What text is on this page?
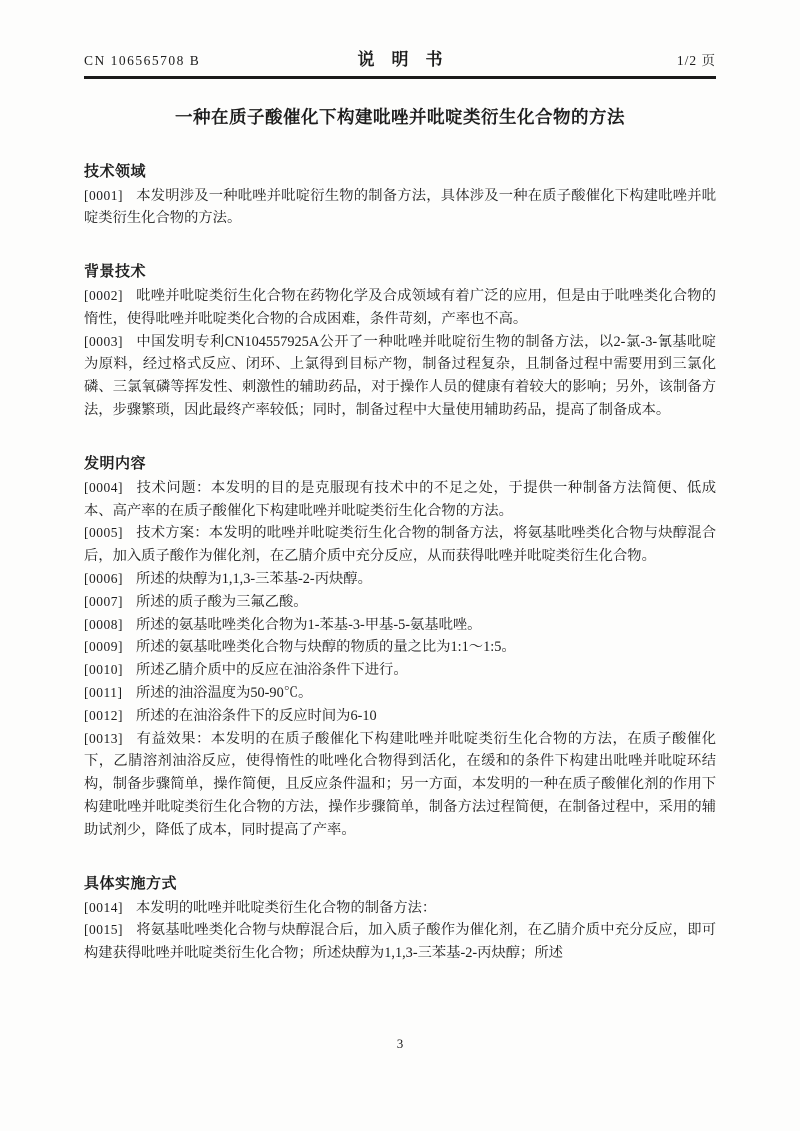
CN 106565708 B	说　明　书	1/2 页
一种在质子酸催化下构建吡唑并吡啶类衍生化合物的方法
技术领域

[0001] 本发明涉及一种吡唑并吡啶衍生物的制备方法，具体涉及一种在质子酸催化下构建吡唑并吡啶类衍生化合物的方法。

背景技术

[0002] 吡唑并吡啶类衍生化合物在药物化学及合成领域有着广泛的应用，但是由于吡唑类化合物的惰性，使得吡唑并吡啶类化合物的合成困难，条件苛刻，产率也不高。

[0003] 中国发明专利CN104557925A公开了一种吡唑并吡啶衍生物的制备方法，以2-氯-3-氰基吡啶为原料，经过格式反应、闭环、上氯得到目标产物，制备过程复杂，且制备过程中需要用到三氯化磷、三氯氧磷等挥发性、刺激性的辅助药品，对于操作人员的健康有着较大的影响；另外，该制备方法，步骤繁琐，因此最终产率较低；同时，制备过程中大量使用辅助药品，提高了制备成本。

发明内容

[0004] 技术问题：本发明的目的是克服现有技术中的不足之处，于提供一种制备方法简便、低成本、高产率的在质子酸催化下构建吡唑并吡啶类衍生化合物的方法。

[0005] 技术方案：本发明的吡唑并吡啶类衍生化合物的制备方法，将氨基吡唑类化合物与炔醇混合后，加入质子酸作为催化剂，在乙腈介质中充分反应，从而获得吡唑并吡啶类衍生化合物。

[0006] 所述的炔醇为1,1,3-三苯基-2-丙炔醇。

[0007] 所述的质子酸为三氟乙酸。

[0008] 所述的氨基吡唑类化合物为1-苯基-3-甲基-5-氨基吡唑。

[0009] 所述的氨基吡唑类化合物与炔醇的物质的量之比为1:1～1:5。

[0010] 所述乙腈介质中的反应在油浴条件下进行。

[0011] 所述的油浴温度为50-90℃。

[0012] 所述的在油浴条件下的反应时间为6-10

[0013] 有益效果：本发明的在质子酸催化下构建吡唑并吡啶类衍生化合物的方法，在质子酸催化下，乙腈溶剂油浴反应，使得惰性的吡唑化合物得到活化，在缓和的条件下构建出吡唑并吡啶环结构，制备步骤简单，操作简便，且反应条件温和；另一方面，本发明的一种在质子酸催化剂的作用下构建吡唑并吡啶类衍生化合物的方法，操作步骤简单，制备方法过程简便，在制备过程中，采用的辅助试剂少，降低了成本，同时提高了产率。

具体实施方式

[0014] 本发明的吡唑并吡啶类衍生化合物的制备方法：

[0015] 将氨基吡唑类化合物与炔醇混合后，加入质子酸作为催化剂，在乙腈介质中充分反应，即可构建获得吡唑并吡啶类衍生化合物；所述炔醇为1,1,3-三苯基-2-丙炔醇；所述

3
